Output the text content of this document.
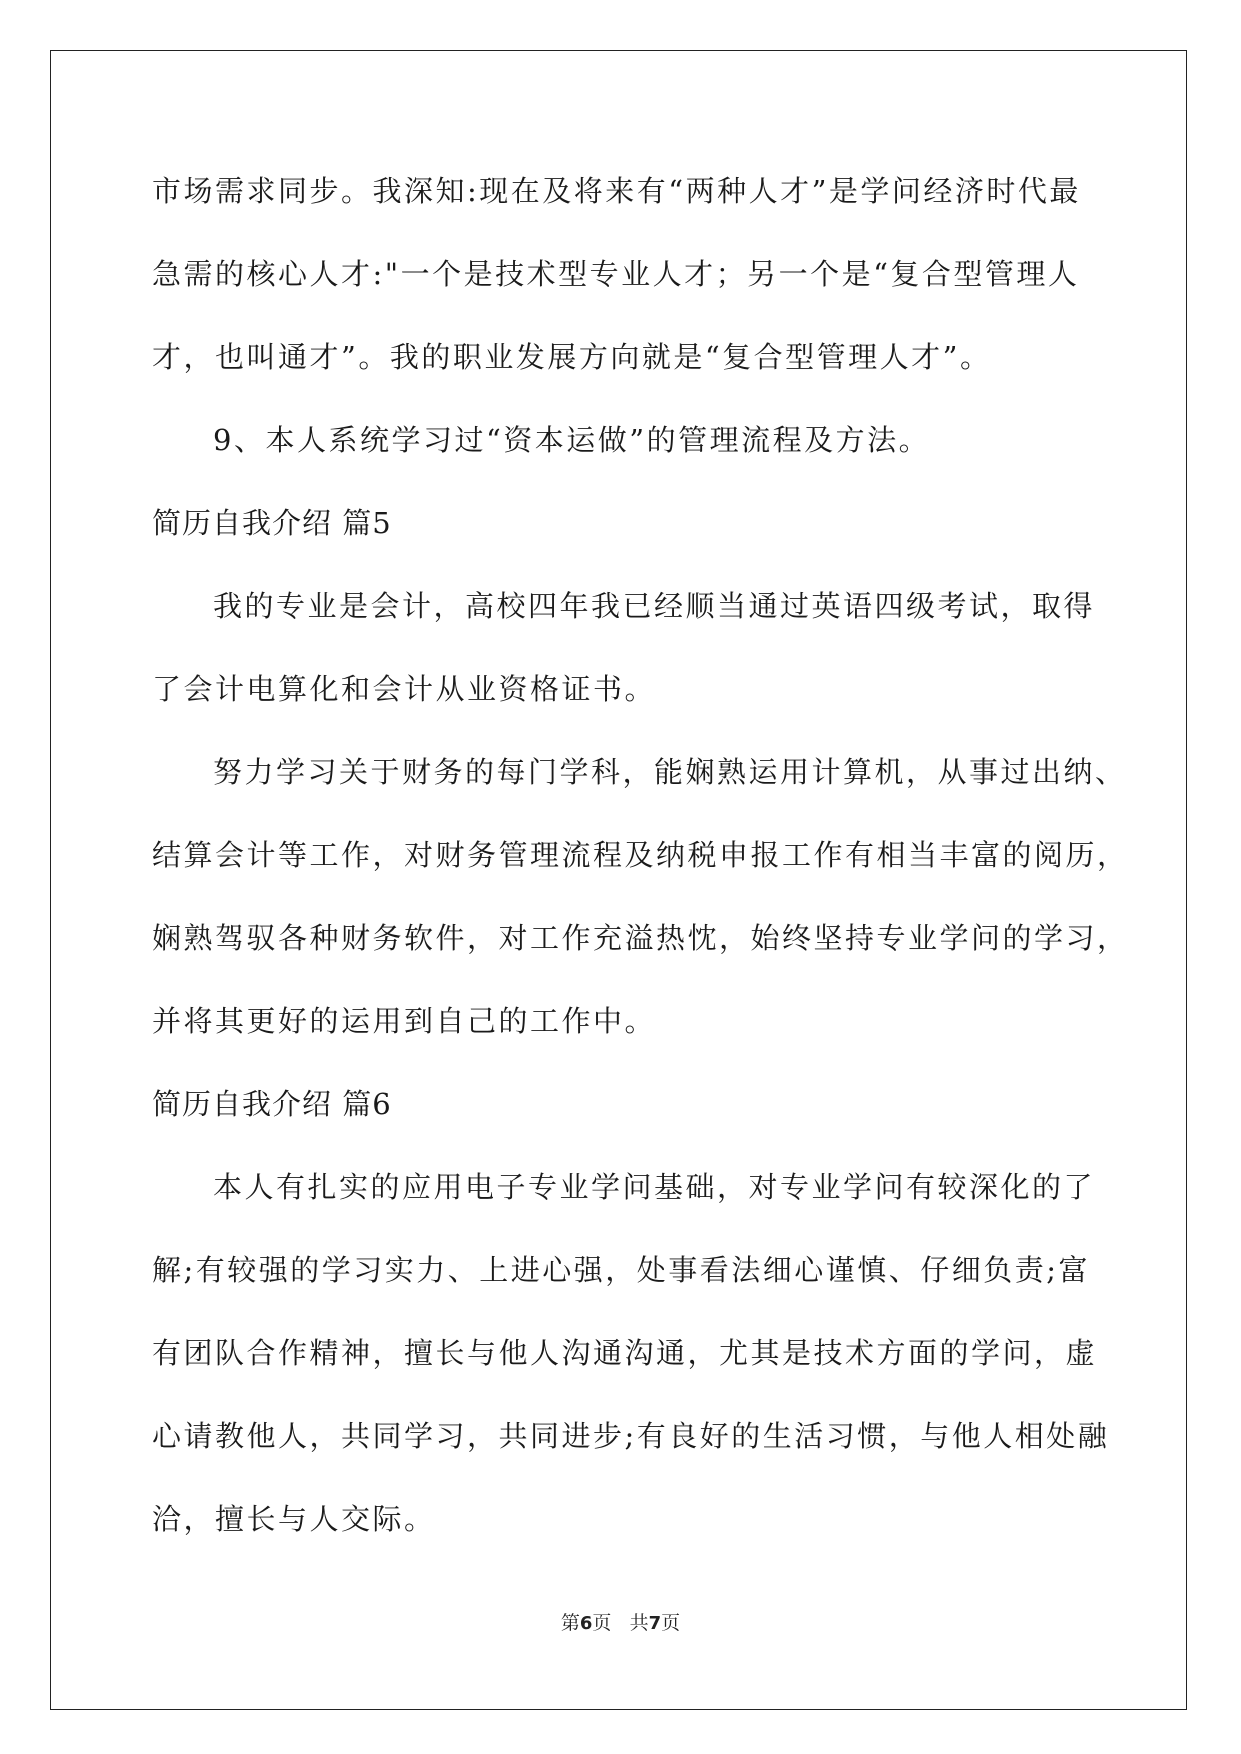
市场需求同步。我深知:现在及将来有“两种人才”是学问经济时代最
急需的核心人才:"一个是技术型专业人才；另一个是“复合型管理人
才，也叫通才”。我的职业发展方向就是“复合型管理人才”。
9、本人系统学习过“资本运做”的管理流程及方法。
简历自我介绍 篇5
我的专业是会计，高校四年我已经顺当通过英语四级考试，取得
了会计电算化和会计从业资格证书。
努力学习关于财务的每门学科，能娴熟运用计算机，从事过出纳、
结算会计等工作，对财务管理流程及纳税申报工作有相当丰富的阅历，
娴熟驾驭各种财务软件，对工作充溢热忱，始终坚持专业学问的学习，
并将其更好的运用到自己的工作中。
简历自我介绍 篇6
本人有扎实的应用电子专业学问基础，对专业学问有较深化的了
解;有较强的学习实力、上进心强，处事看法细心谨慎、仔细负责;富
有团队合作精神，擅长与他人沟通沟通，尤其是技术方面的学问，虚
心请教他人，共同学习，共同进步;有良好的生活习惯，与他人相处融
洽，擅长与人交际。
第6页 共7页
